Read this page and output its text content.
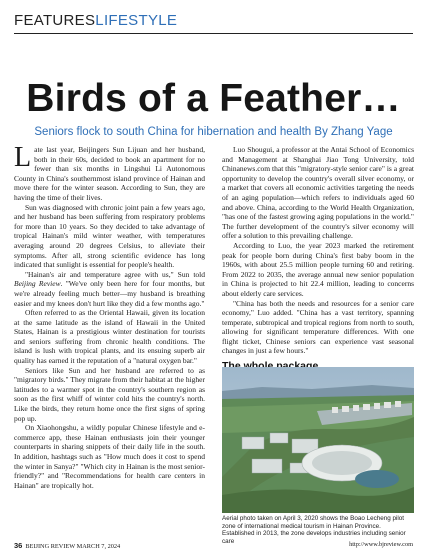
FEATURESLIFESTYLE
Birds of a Feather…
Seniors flock to south China for hibernation and health By Zhang Yage

Late last year, Beijingers Sun Lijuan and her husband, both in their 60s, decided to book an apartment for no fewer than six months in Lingshui Li Autonomous County in China's southernmost island province of Hainan and move there for the winter season. According to Sun, they are having the time of their lives.

Sun was diagnosed with chronic joint pain a few years ago, and her husband has been suffering from respiratory problems for more than 10 years. So they decided to take advantage of tropical Hainan's mild winter weather, with temperatures averaging around 20 degrees Celsius, to alleviate their symptoms. After all, strong scientific evidence has long indicated that sunlight is essential for people's health.

"Hainan's air and temperature agree with us," Sun told Beijing Review. "We've only been here for four months, but we're already feeling much better—my husband is breathing easier and my knees don't hurt like they did a few months ago."

Often referred to as the Oriental Hawaii, given its location at the same latitude as the island of Hawaii in the United States, Hainan is a prestigious winter destination for tourists and seniors suffering from chronic health conditions. The island is lush with tropical plants, and its ensuing superb air quality has earned it the reputation of a "natural oxygen bar."

Seniors like Sun and her husband are referred to as "migratory birds." They migrate from their habitat at the higher latitudes to a warmer spot in the country's southern region as soon as the first whiff of winter cold hits the country's north. Like the birds, they return home once the first signs of spring pop up.

On Xiaohongshu, a wildly popular Chinese lifestyle and e-commerce app, these Hainan enthusiasts join their younger counterparts in sharing snippets of their daily life in the south. In addition, hashtags such as "How much does it cost to spend the winter in Sanya?" "Which city in Hainan is the most senior-friendly?" and "Recommendations for health care centers in Hainan" are tropically hot.

Luo Shougui, a professor at the Antai School of Economics and Management at Shanghai Jiao Tong University, told Chinanews.com that this "migratory-style senior care" is a great opportunity to develop the country's overall silver economy, or a market that covers all economic activities targeting the needs of an aging population—which refers to individuals aged 60 and above. China, according to the World Health Organization, "has one of the fastest growing aging populations in the world." The further development of the country's silver economy will offer a solution to this prevailing challenge.

According to Luo, the year 2023 marked the retirement peak for people born during China's first baby boom in the 1960s, with about 25.5 million people turning 60 and retiring. From 2022 to 2035, the average annual new senior population in China is projected to hit 22.4 million, leading to concerns about elderly care services.

"China has both the needs and resources for a senior care economy," Luo added. "China has a vast territory, spanning temperate, subtropical and tropical regions from north to south, allowing for significant temperature differences. With one flight ticket, Chinese seniors can experience vast seasonal changes in just a few hours."

Aerial photo taken on April 3, 2020 shows the Boao Lecheng pilot zone of international medical tourism in Hainan Province. Established in 2013, the zone develops industries including senior care
36 BEIJING REVIEW MARCH 7, 2024	http://www.bjreview.com
